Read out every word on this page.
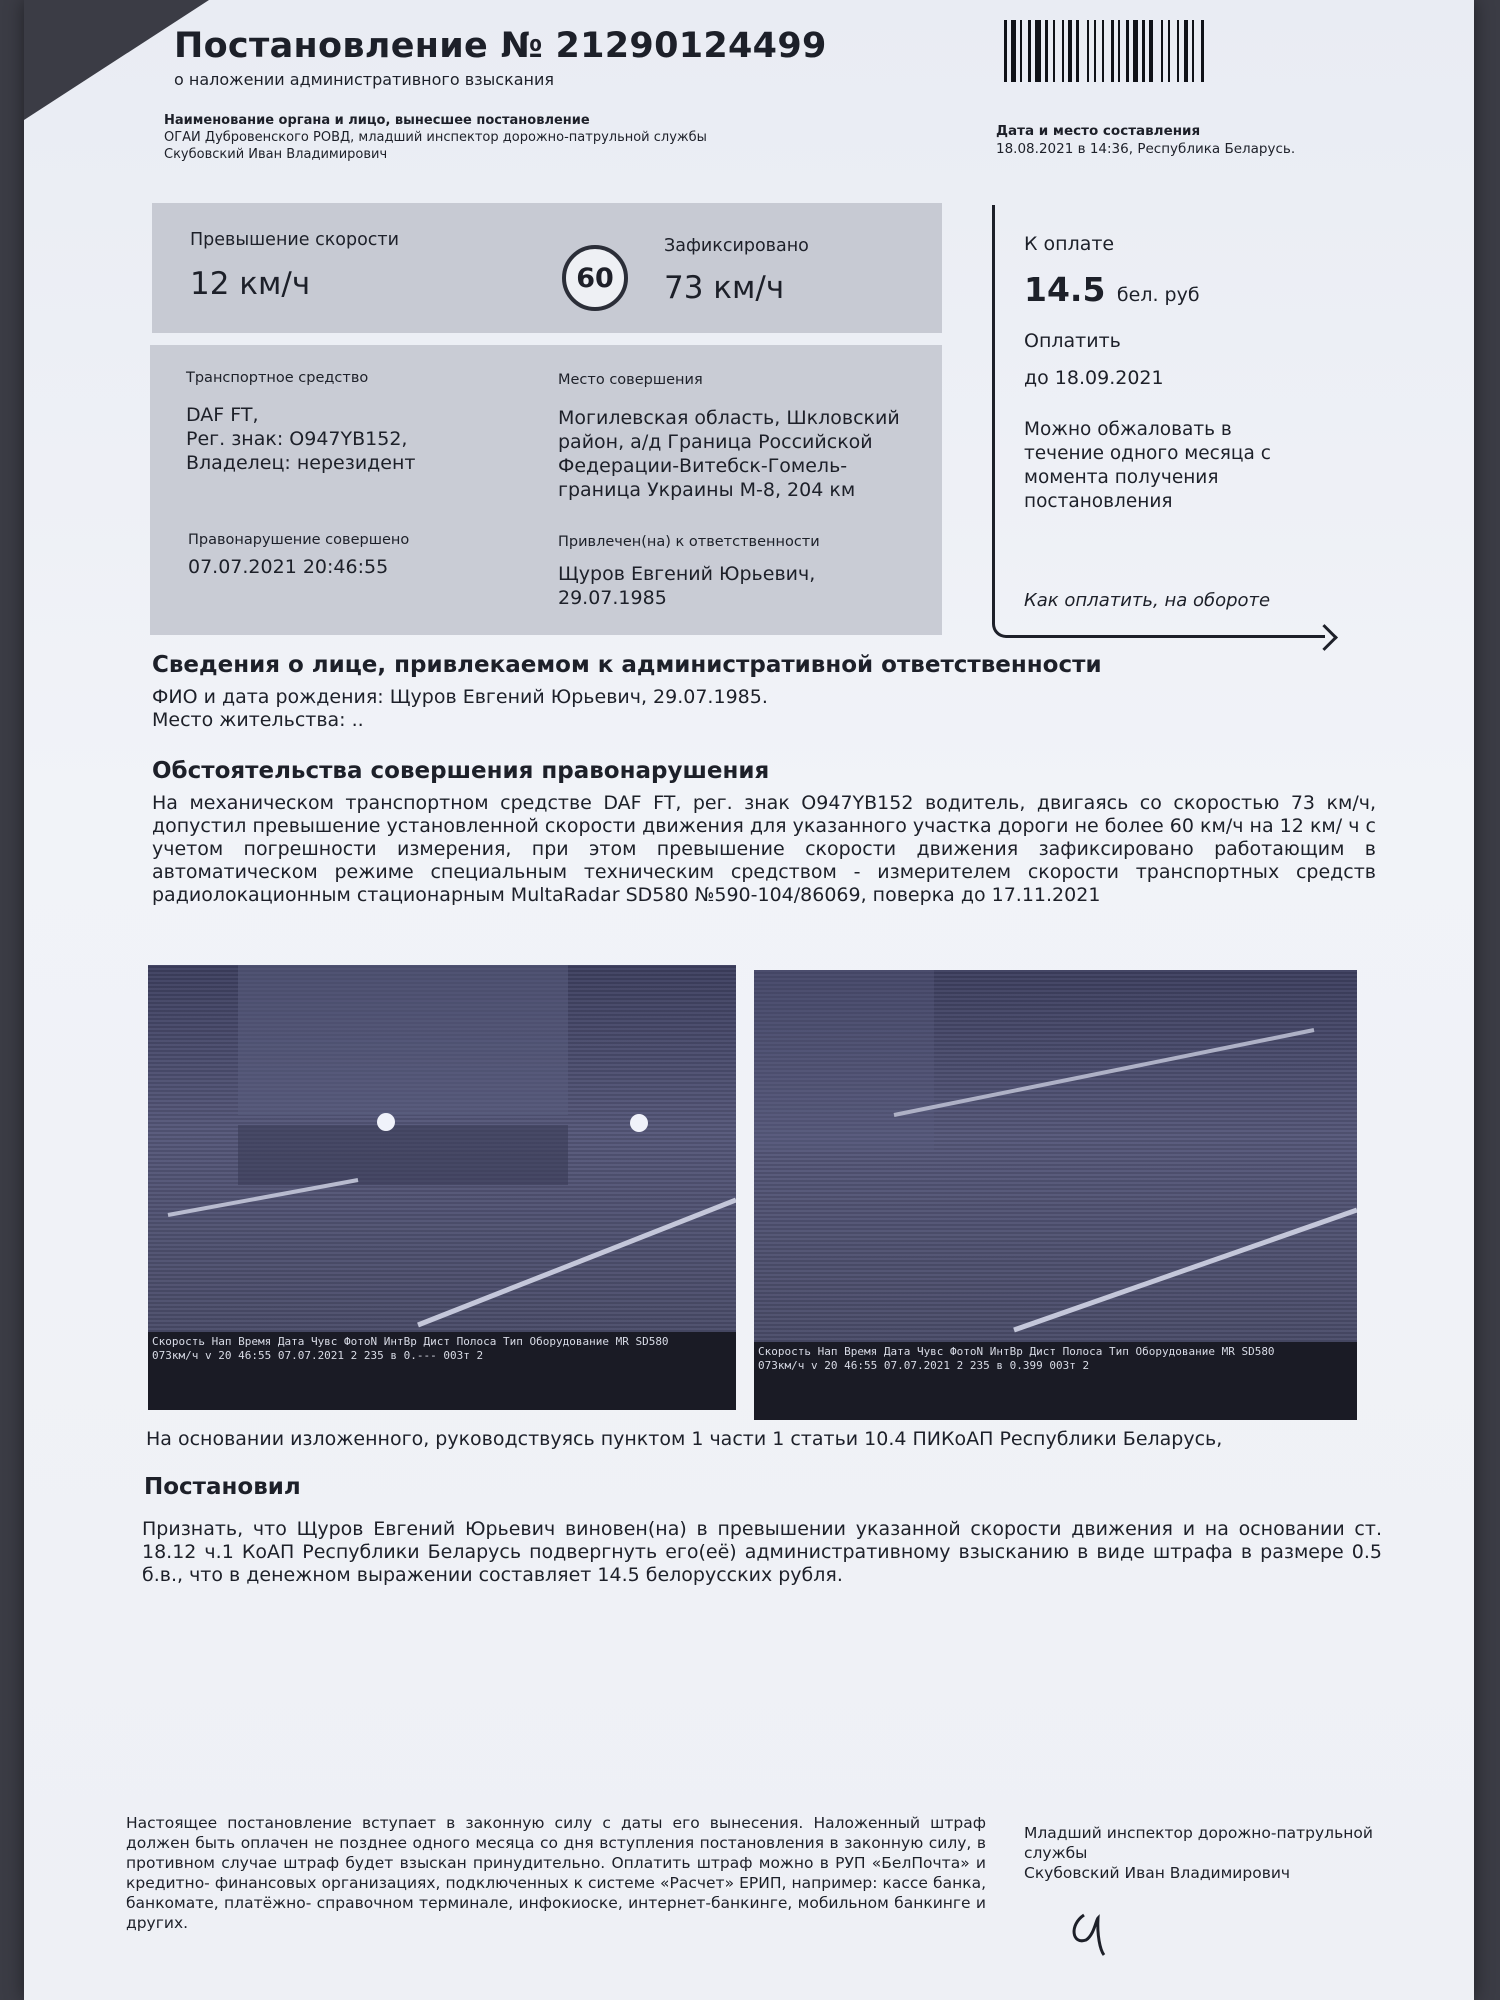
Постановление № 21290124499
о наложении административного взыскания
Наименование органа и лицо, вынесшее постановление
ОГАИ Дубровенского РОВД, младший инспектор дорожно-патрульной службы
Скубовский Иван Владимирович
Дата и место составления
18.08.2021 в 14:36, Республика Беларусь.
Превышение скорости
12 км/ч	60
Зафиксировано
73 км/ч
Транспортное средство
DAF FT,
Рег. знак: O947YB152,
Владелец: нерезидент
Место совершения
Могилевская область, Шкловский
район, а/д Граница Российской
Федерации-Витебск-Гомель-
граница Украины М-8, 204 км
Правонарушение совершено
07.07.2021 20:46:55
Привлечен(на) к ответственности
Щуров Евгений Юрьевич,
29.07.1985
К оплате
14.5 бел. руб
Оплатить
до 18.09.2021
Можно обжаловать в течение одного месяца с момента получения постановления
Как оплатить, на обороте
Сведения о лице, привлекаемом к административной ответственности
ФИО и дата рождения: Щуров Евгений Юрьевич, 29.07.1985.
Место жительства: ..
Обстоятельства совершения правонарушения
На механическом транспортном средстве DAF FT, рег. знак O947YB152 водитель, двигаясь со скоростью 73 км/ч, допустил превышение установленной скорости движения для указанного участка дороги не более 60 км/ч на 12 км/ ч с учетом погрешности измерения, при этом превышение скорости движения зафиксировано работающим в автоматическом режиме специальным техническим средством - измерителем скорости транспортных средств радиолокационным стационарным MultaRadar SD580 №590-104/86069, поверка до 17.11.2021
Скорость Нап Время Дата Чувс ФотоN ИнтВр Дист Полоса Тип Оборудование MR SD580
073км/ч v 20 46:55 07.07.2021 2 235 в 0.--- 003т 2	Скорость Нап Время Дата Чувс ФотоN ИнтВр Дист Полоса Тип Оборудование MR SD580
073км/ч v 20 46:55 07.07.2021 2 235 в 0.399 003т 2
На основании изложенного, руководствуясь пунктом 1 части 1 статьи 10.4 ПИКоАП Республики Беларусь,
Постановил
Признать, что Щуров Евгений Юрьевич виновен(на) в превышении указанной скорости движения и на основании ст. 18.12 ч.1 КоАП Республики Беларусь подвергнуть его(её) административному взысканию в виде штрафа в размере 0.5 б.в., что в денежном выражении составляет 14.5 белорусских рубля.
Настоящее постановление вступает в законную силу с даты его вынесения. Наложенный штраф должен быть оплачен не позднее одного месяца со дня вступления постановления в законную силу, в противном случае штраф будет взыскан принудительно. Оплатить штраф можно в РУП «БелПочта» и кредитно- финансовых организациях, подключенных к системе «Расчет» ЕРИП, например: кассе банка, банкомате, платёжно- справочном терминале, инфокиоске, интернет-банкинге, мобильном банкинге и других.
Младший инспектор дорожно-патрульной службы
Скубовский Иван Владимирович
